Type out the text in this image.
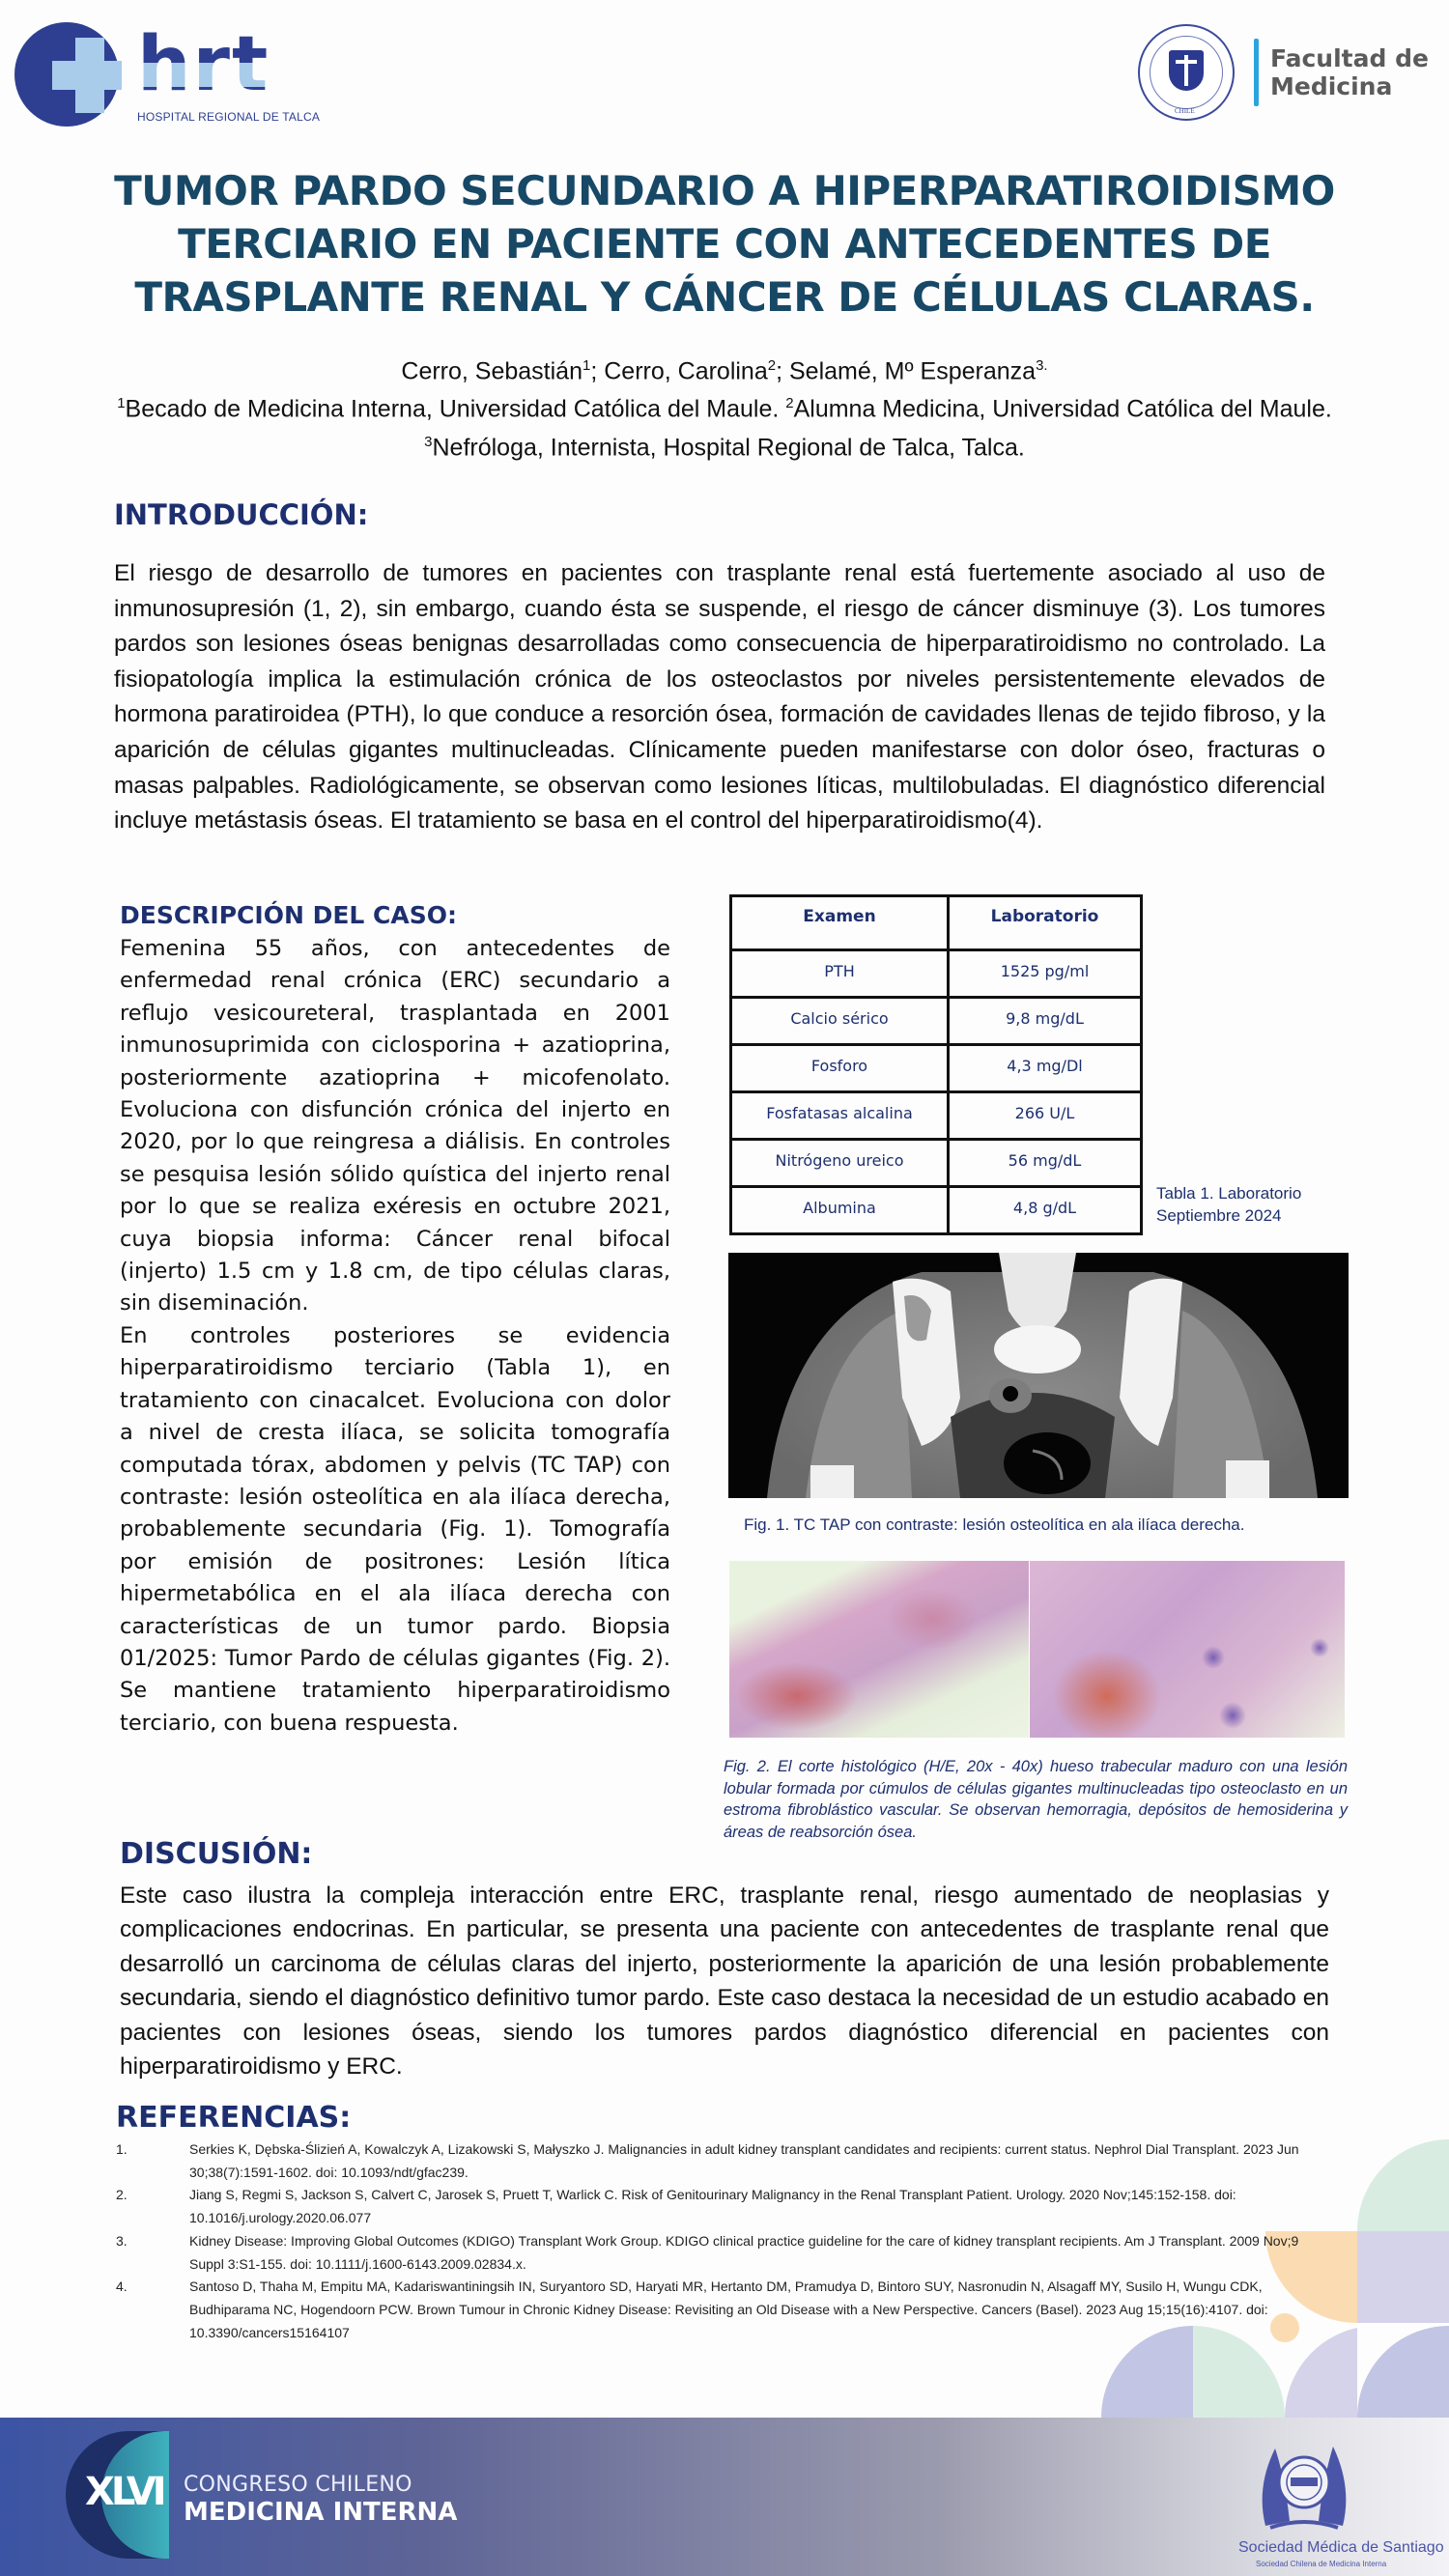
hrt
HOSPITAL REGIONAL DE TALCA	CHILE
Facultad de
Medicina
TUMOR PARDO SECUNDARIO A HIPERPARATIROIDISMO
TERCIARIO EN PACIENTE CON ANTECEDENTES DE
TRASPLANTE RENAL Y CÁNCER DE CÉLULAS CLARAS.
Cerro, Sebastián$^1$; Cerro, Carolina$^2$; Selamé, Mº Esperanza$^{3.}$
$^1$Becado de Medicina Interna, Universidad Católica del Maule. $^2$Alumna Medicina, Universidad Católica del Maule. $^3$Nefróloga, Internista, Hospital Regional de Talca, Talca.
INTRODUCCIÓN:
El riesgo de desarrollo de tumores en pacientes con trasplante renal está fuertemente asociado al uso de inmunosupresión (1, 2), sin embargo, cuando ésta se suspende, el riesgo de cáncer disminuye (3). Los tumores pardos son lesiones óseas benignas desarrolladas como consecuencia de hiperparatiroidismo no controlado. La fisiopatología implica la estimulación crónica de los osteoclastos por niveles persistentemente elevados de hormona paratiroidea (PTH), lo que conduce a resorción ósea, formación de cavidades llenas de tejido fibroso, y la aparición de células gigantes multinucleadas. Clínicamente pueden manifestarse con dolor óseo, fracturas o masas palpables. Radiológicamente, se observan como lesiones líticas, multilobuladas. El diagnóstico diferencial incluye metástasis óseas. El tratamiento se basa en el control del hiperparatiroidismo(4).
DESCRIPCIÓN DEL CASO:

Femenina 55 años, con antecedentes de enfermedad renal crónica (ERC) secundario a reflujo vesicoureteral, trasplantada en 2001 inmunosuprimida con ciclosporina + azatioprina, posteriormente azatioprina + micofenolato. Evoluciona con disfunción crónica del injerto en 2020, por lo que reingresa a diálisis. En controles se pesquisa lesión sólido quística del injerto renal por lo que se realiza exéresis en octubre 2021, cuya biopsia informa: Cáncer renal bifocal (injerto) 1.5 cm y 1.8 cm, de tipo células claras, sin diseminación.

En controles posteriores se evidencia hiperparatiroidismo terciario (Tabla 1), en tratamiento con cinacalcet. Evoluciona con dolor a nivel de cresta ilíaca, se solicita tomografía computada tórax, abdomen y pelvis (TC TAP) con contraste: lesión osteolítica en ala ilíaca derecha, probablemente secundaria (Fig. 1). Tomografía por emisión de positrones: Lesión lítica hipermetabólica en el ala ilíaca derecha con características de un tumor pardo. Biopsia 01/2025: Tumor Pardo de células gigantes (Fig. 2). Se mantiene tratamiento hiperparatiroidismo terciario, con buena respuesta.

Examen	Laboratorio
PTH	1525 pg/ml
Calcio sérico	9,8 mg/dL
Fosforo	4,3 mg/Dl
Fosfatasas alcalina	266 U/L
Nitrógeno ureico	56 mg/dL
Albumina	4,8 g/dL
Tabla 1. Laboratorio
Septiembre 2024
Fig. 1. TC TAP con contraste: lesión osteolítica en ala ilíaca derecha.
Fig. 2. El corte histológico (H/E, 20x - 40x) hueso trabecular maduro con una lesión lobular formada por cúmulos de células gigantes multinucleadas tipo osteoclasto en un estroma fibroblástico vascular. Se observan hemorragia, depósitos de hemosiderina y áreas de reabsorción ósea.
DISCUSIÓN:
Este caso ilustra la compleja interacción entre ERC, trasplante renal, riesgo aumentado de neoplasias y complicaciones endocrinas. En particular, se presenta una paciente con antecedentes de trasplante renal que desarrolló un carcinoma de células claras del injerto, posteriormente la aparición de una lesión probablemente secundaria, siendo el diagnóstico definitivo tumor pardo. Este caso destaca la necesidad de un estudio acabado en pacientes con lesiones óseas, siendo los tumores pardos diagnóstico diferencial en pacientes con hiperparatiroidismo y ERC.
REFERENCIAS:
1.	Serkies K, Dębska-Ślizień A, Kowalczyk A, Lizakowski S, Małyszko J. Malignancies in adult kidney transplant candidates and recipients: current status. Nephrol Dial Transplant. 2023 Jun 30;38(7):1591-1602. doi: 10.1093/ndt/gfac239.
2.	Jiang S, Regmi S, Jackson S, Calvert C, Jarosek S, Pruett T, Warlick C. Risk of Genitourinary Malignancy in the Renal Transplant Patient. Urology. 2020 Nov;145:152-158. doi: 10.1016/j.urology.2020.06.077
3.	Kidney Disease: Improving Global Outcomes (KDIGO) Transplant Work Group. KDIGO clinical practice guideline for the care of kidney transplant recipients. Am J Transplant. 2009 Nov;9 Suppl 3:S1-155. doi: 10.1111/j.1600-6143.2009.02834.x.
4.	Santoso D, Thaha M, Empitu MA, Kadariswantiningsih IN, Suryantoro SD, Haryati MR, Hertanto DM, Pramudya D, Bintoro SUY, Nasronudin N, Alsagaff MY, Susilo H, Wungu CDK, Budhiparama NC, Hogendoorn PCW. Brown Tumour in Chronic Kidney Disease: Revisiting an Old Disease with a New Perspective. Cancers (Basel). 2023 Aug 15;15(16):4107. doi: 10.3390/cancers15164107
XLVI CONGRESO CHILENO
MEDICINA INTERNA
Sociedad Médica de Santiago
Sociedad Chilena de Medicina Interna
